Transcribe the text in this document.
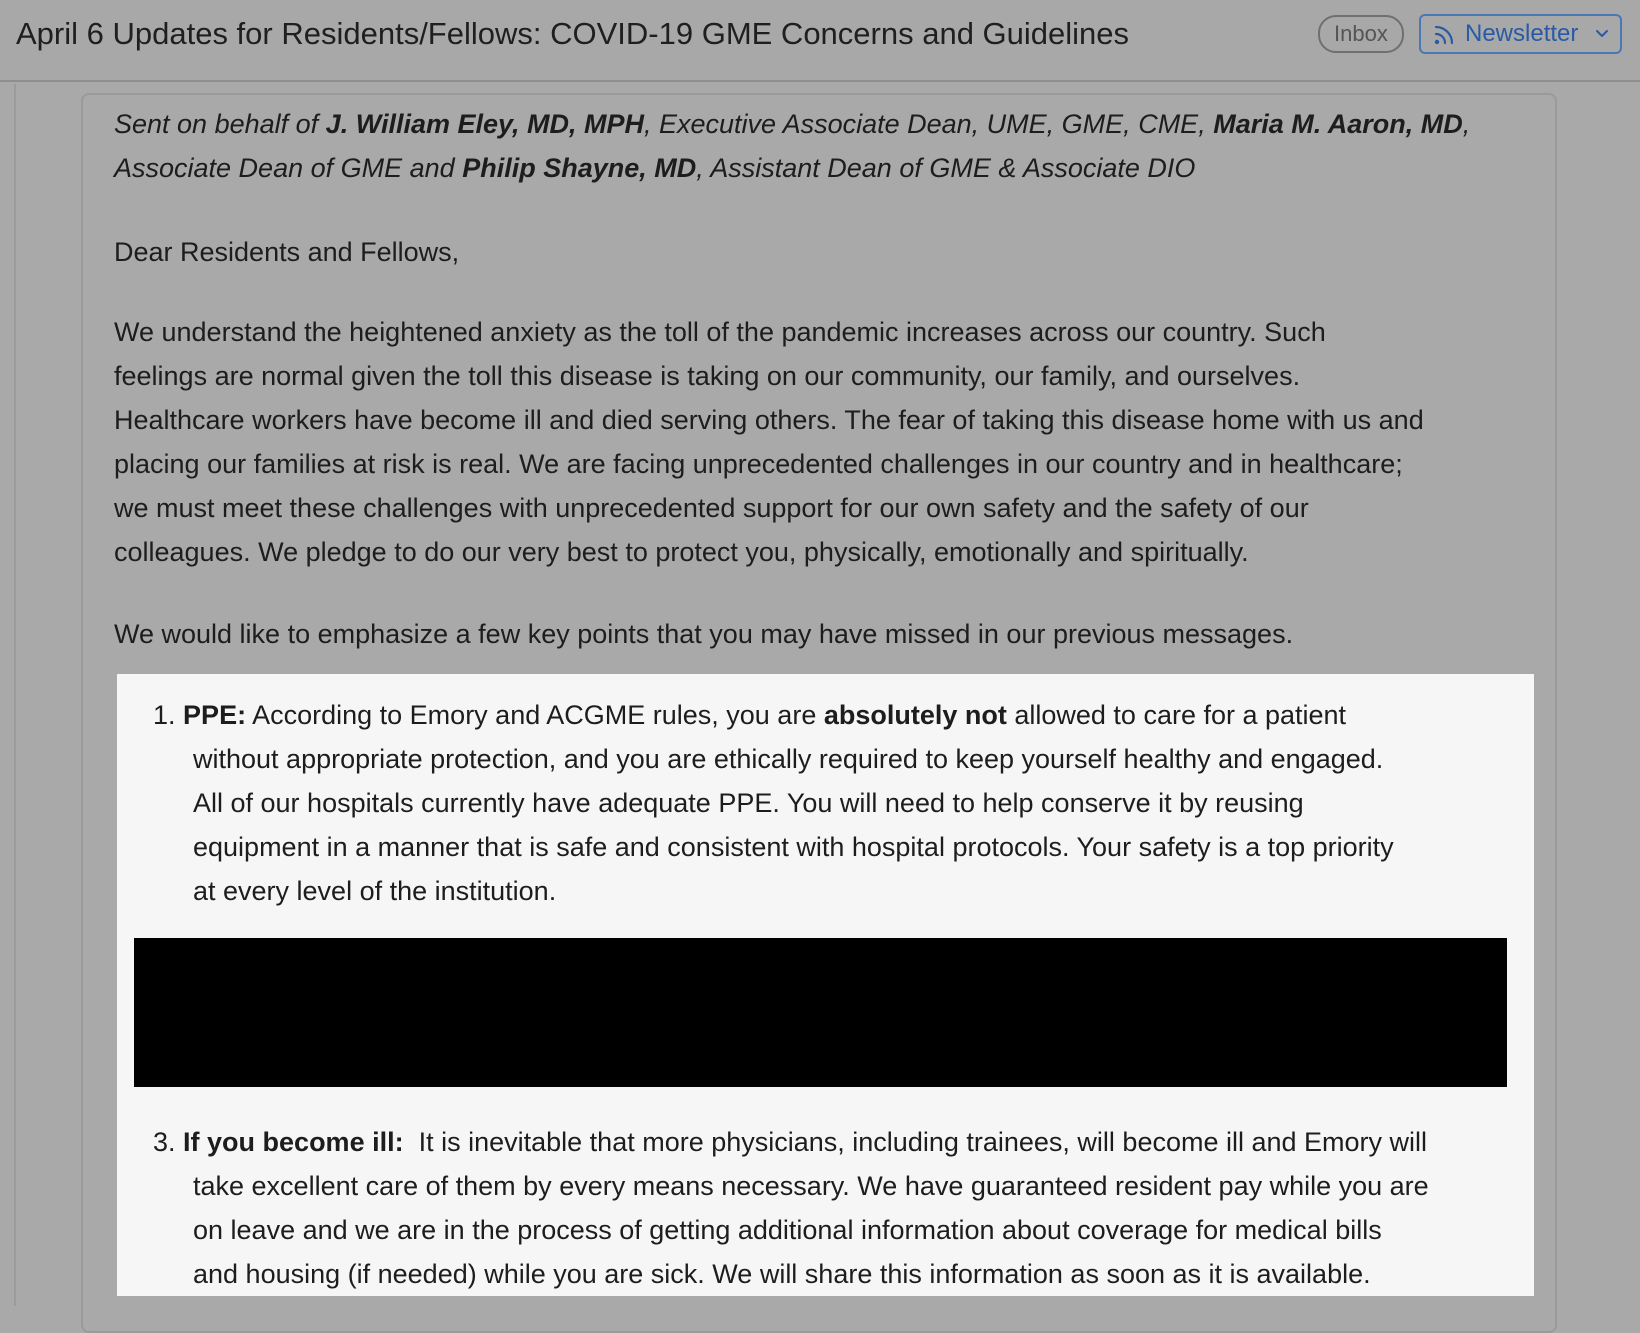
April 6 Updates for Residents/Fellows: COVID-19 GME Concerns and Guidelines	Inbox	Newsletter
Sent on behalf of J. William Eley, MD, MPH, Executive Associate Dean, UME, GME, CME, Maria M. Aaron, MD, Associate Dean of GME and Philip Shayne, MD, Assistant Dean of GME & Associate DIO
Dear Residents and Fellows,
We understand the heightened anxiety as the toll of the pandemic increases across our country. Such
feelings are normal given the toll this disease is taking on our community, our family, and ourselves.
Healthcare workers have become ill and died serving others. The fear of taking this disease home with us and
placing our families at risk is real. We are facing unprecedented challenges in our country and in healthcare;
we must meet these challenges with unprecedented support for our own safety and the safety of our
colleagues. We pledge to do our very best to protect you, physically, emotionally and spiritually.
We would like to emphasize a few key points that you may have missed in our previous messages.
1. PPE: According to Emory and ACGME rules, you are absolutely not allowed to care for a patient
without appropriate protection, and you are ethically required to keep yourself healthy and engaged.
All of our hospitals currently have adequate PPE. You will need to help conserve it by reusing
equipment in a manner that is safe and consistent with hospital protocols. Your safety is a top priority
at every level of the institution.
3. If you become ill:  It is inevitable that more physicians, including trainees, will become ill and Emory will
take excellent care of them by every means necessary. We have guaranteed resident pay while you are
on leave and we are in the process of getting additional information about coverage for medical bills
and housing (if needed) while you are sick. We will share this information as soon as it is available.
